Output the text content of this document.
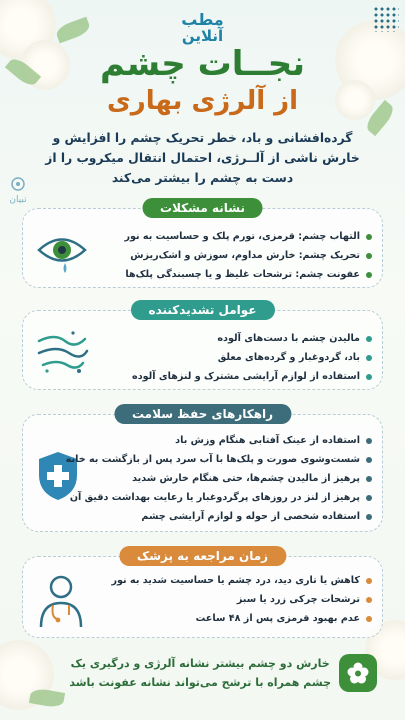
مطب
آنلاین
نجــات چشم
از آلرژی بهاری
گرده‌افشانی و باد، خطر تحریک چشم را افزایش و
خارش ناشی از آلــرژی، احتمال انتقال میکروب را از
دست به چشم را بیشتر می‌کند
تبیان
نشانه مشکلات
التهاب چشم: قرمزی، تورم پلک و حساسیت به نور
تحریک چشم: خارش مداوم، سوزش و اشک‌ریزش
عفونت چشم: ترشحات غلیظ و یا چسبندگی پلک‌ها
عوامل تشدیدکننده
مالیدن چشم با دست‌های آلوده
باد، گردوغبار و گرده‌های معلق
استفاده از لوازم آرایشی مشترک و لنزهای آلوده
راهکارهای حفظ سلامت
استفاده از عینک آفتابی هنگام وزش باد
شست‌وشوی صورت و پلک‌ها با آب سرد پس از بازگشت به خانه
پرهیز از مالیدن چشم‌ها، حتی هنگام خارش شدید
پرهیز از لنز در روزهای پرگردوغبار یا رعایت بهداشت دقیق آن
استفاده شخصی از حوله و لوازم آرایشی چشم
زمان مراجعه به پزشک
کاهش یا تاری دید، درد چشم یا حساسیت شدید به نور
ترشحات چرکی زرد یا سبز
عدم بهبود قرمزی پس از ۴۸ ساعت
خارش دو چشم بیشتر نشانه آلرژی و درگیری یک
چشم همراه با ترشح می‌تواند نشانه عفونت باشد
